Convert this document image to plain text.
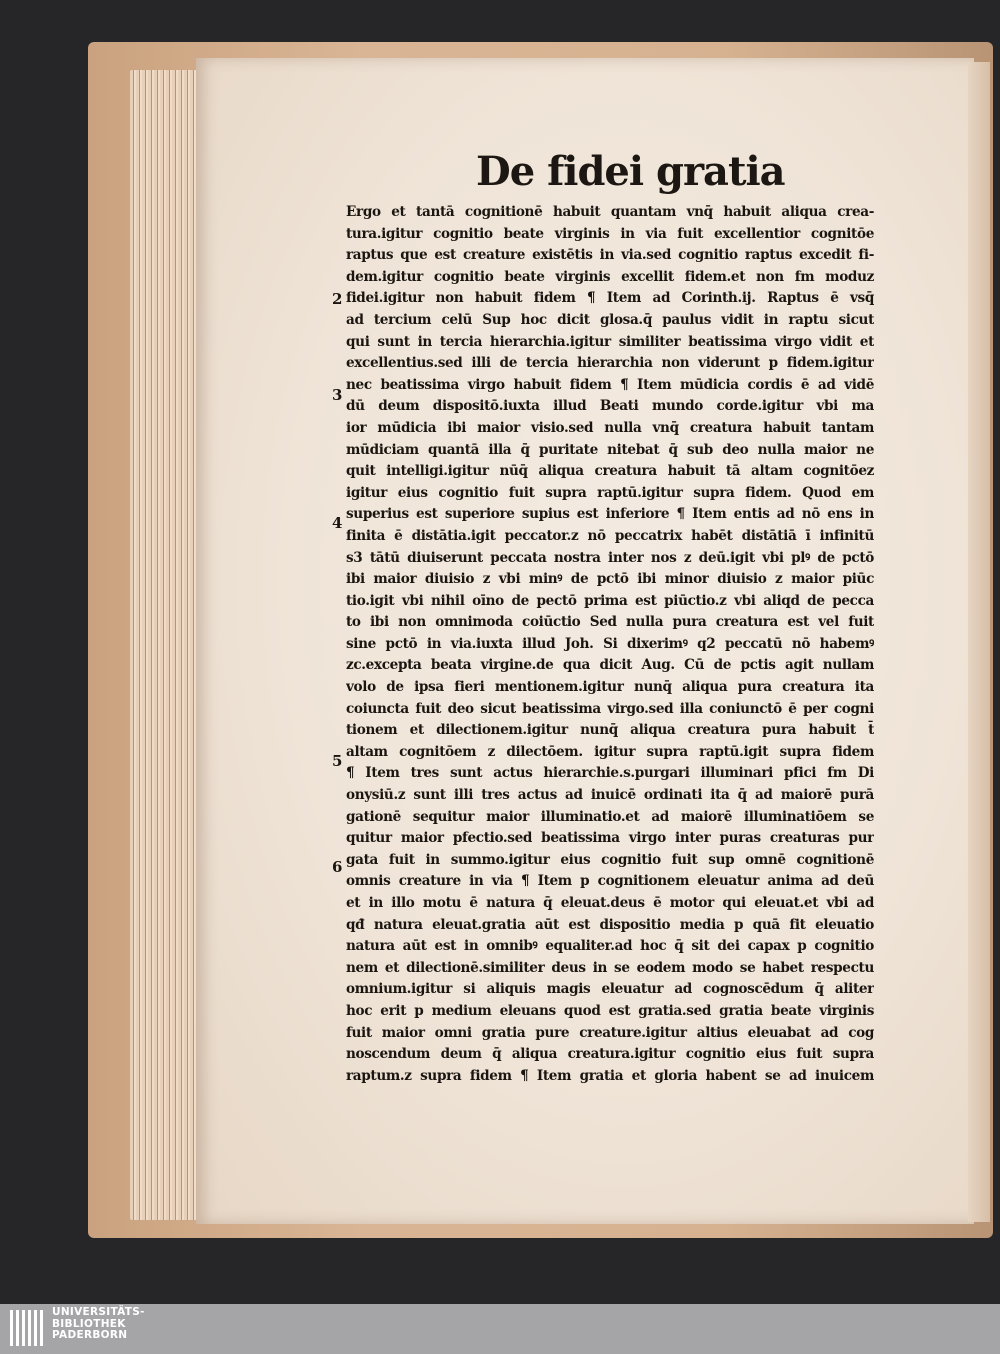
De fidei gratia
Ergo et tantā cognitionē habuit quantam vnq̄ habuit aliqua crea-
tura.igitur cognitio beate virginis in via fuit excellentior cognitōe
raptus que est creature existētis in via.sed cognitio raptus excedit fi-
dem.igitur cognitio beate virginis excellit fidem.et non fm moduz
fidei.igitur non habuit fidem ¶ Item ad Corinth.ij. Raptus ē vsq̄
ad tercium celū Sup hoc dicit glosa.q̄ paulus vidit in raptu sicut
qui sunt in tercia hierarchia.igitur similiter beatissima virgo vidit et
excellentius.sed illi de tercia hierarchia non viderunt p fidem.igitur
nec beatissima virgo habuit fidem ¶ Item mūdicia cordis ē ad vidē
dū deum dispositō.iuxta illud Beati mundo corde.igitur vbi ma
ior mūdicia ibi maior visio.sed nulla vnq̄ creatura habuit tantam
mūdiciam quantā illa q̄ puritate nitebat q̄ sub deo nulla maior ne
quit intelligi.igitur nūq̄ aliqua creatura habuit tā altam cognitōez
igitur eius cognitio fuit supra raptū.igitur supra fidem. Quod em
superius est superiore supius est inferiore ¶ Item entis ad nō ens in
finita ē distātia.igit peccator.z nō peccatrix habēt distātiā ī infinitū
s3 tātū diuiserunt peccata nostra inter nos z deū.igit vbi plꝰ de pctō
ibi maior diuisio z vbi minꝰ de pctō ibi minor diuisio z maior piūc
tio.igit vbi nihil oīno de pectō prima est piūctio.z vbi aliqd de pecca
to ibi non omnimoda coiūctio Sed nulla pura creatura est vel fuit
sine pctō in via.iuxta illud Joh. Si dixerimꝰ q2 peccatū nō habemꝰ
zc.excepta beata virgine.de qua dicit Aug. Cū de pctis agit nullam
volo de ipsa fieri mentionem.igitur nunq̄ aliqua pura creatura ita
coiuncta fuit deo sicut beatissima virgo.sed illa coniunctō ē per cogni
tionem et dilectionem.igitur nunq̄ aliqua creatura pura habuit t̄
altam cognitōem z dilectōem. igitur supra raptū.igit supra fidem
¶ Item tres sunt actus hierarchie.s.purgari illuminari pfici fm Di
onysiū.z sunt illi tres actus ad inuicē ordinati ita q̄ ad maiorē purā
gationē sequitur maior illuminatio.et ad maiorē illuminatiōem se
quitur maior pfectio.sed beatissima virgo inter puras creaturas pur
gata fuit in summo.igitur eius cognitio fuit sup omnē cognitionē
omnis creature in via ¶ Item p cognitionem eleuatur anima ad deū
et in illo motu ē natura q̄ eleuat.deus ē motor qui eleuat.et vbi ad
qđ natura eleuat.gratia aūt est dispositio media p quā fit eleuatio
natura aūt est in omnibꝰ equaliter.ad hoc q̄ sit dei capax p cognitio
nem et dilectionē.similiter deus in se eodem modo se habet respectu
omnium.igitur si aliquis magis eleuatur ad cognoscēdum q̄ aliter
hoc erit p medium eleuans quod est gratia.sed gratia beate virginis
fuit maior omni gratia pure creature.igitur altius eleuabat ad cog
noscendum deum q̄ aliqua creatura.igitur cognitio eius fuit supra
raptum.z supra fidem ¶ Item gratia et gloria habent se ad inuicem
2
3
4
5
6
UNIVERSITÄTS-
BIBLIOTHEK
PADERBORN
